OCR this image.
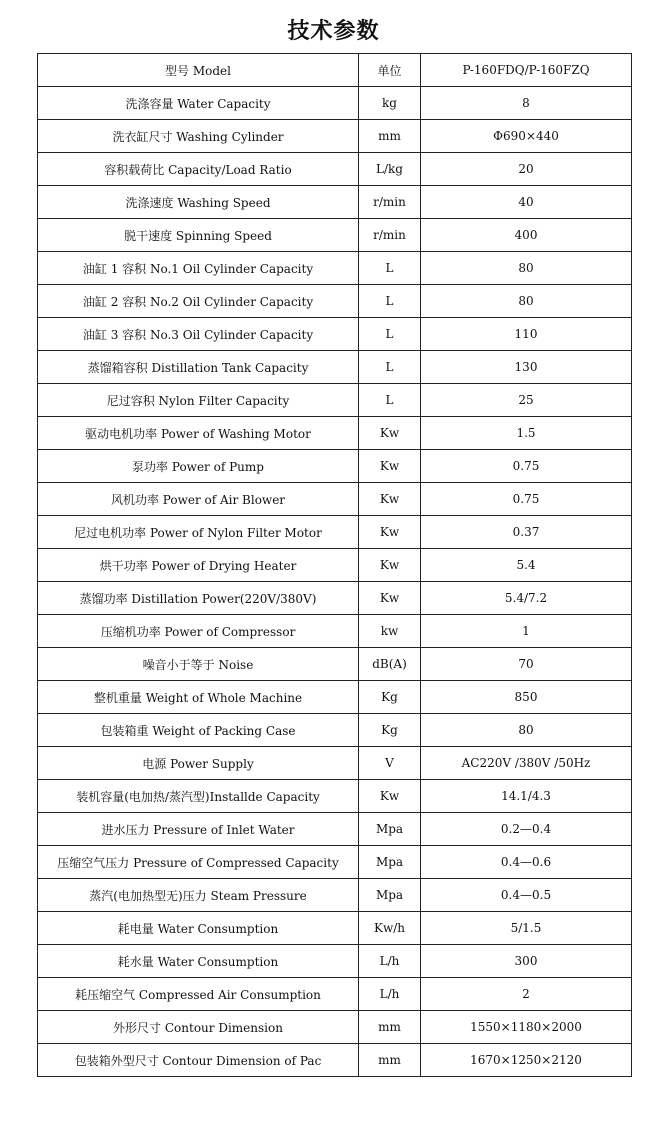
技术参数
型号 Model	单位	P-160FDQ/P-160FZQ
洗涤容量 Water Capacity	kg	8
洗衣缸尺寸 Washing Cylinder	mm	Φ690×440
容积载荷比 Capacity/Load Ratio	L/kg	20
洗涤速度 Washing Speed	r/min	40
脱干速度 Spinning Speed	r/min	400
油缸 1 容积 No.1 Oil Cylinder Capacity	L	80
油缸 2 容积 No.2 Oil Cylinder Capacity	L	80
油缸 3 容积 No.3 Oil Cylinder Capacity	L	110
蒸馏箱容积 Distillation Tank Capacity	L	130
尼过容积 Nylon Filter Capacity	L	25
驱动电机功率 Power of Washing Motor	Kw	1.5
泵功率 Power of Pump	Kw	0.75
风机功率 Power of Air Blower	Kw	0.75
尼过电机功率 Power of Nylon Filter Motor	Kw	0.37
烘干功率 Power of Drying Heater	Kw	5.4
蒸馏功率 Distillation Power(220V/380V)	Kw	5.4/7.2
压缩机功率 Power of Compressor	kw	1
噪音小于等于 Noise	dB(A)	70
整机重量 Weight of Whole Machine	Kg	850
包装箱重 Weight of Packing Case	Kg	80
电源 Power Supply	V	AC220V /380V /50Hz
装机容量(电加热/蒸汽型)Installde Capacity	Kw	14.1/4.3
进水压力 Pressure of Inlet Water	Mpa	0.2—0.4
压缩空气压力 Pressure of Compressed Capacity	Mpa	0.4—0.6
蒸汽(电加热型无)压力 Steam Pressure	Mpa	0.4—0.5
耗电量 Water Consumption	Kw/h	5/1.5
耗水量 Water Consumption	L/h	300
耗压缩空气 Compressed Air Consumption	L/h	2
外形尺寸 Contour Dimension	mm	1550×1180×2000
包装箱外型尺寸 Contour Dimension of Pac	mm	1670×1250×2120
